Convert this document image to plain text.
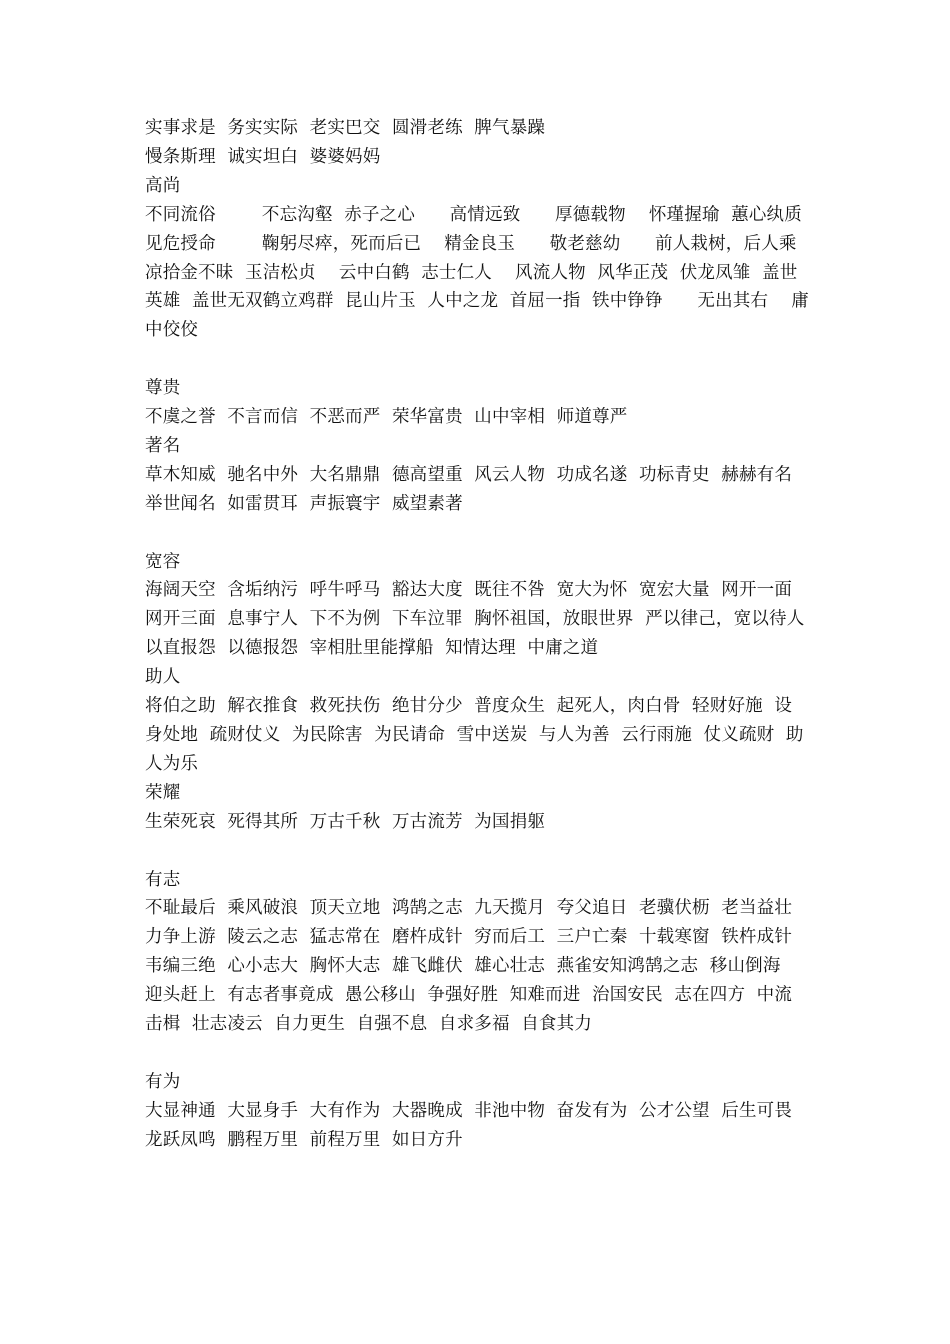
实事求是  务实实际  老实巴交  圆滑老练  脾气暴躁

慢条斯理  诚实坦白  婆婆妈妈

高尚

不同流俗        不忘沟壑  赤子之心      高情远致      厚德载物    怀瑾握瑜  蕙心纨质  见危授命        鞠躬尽瘁，死而后已    精金良玉      敬老慈幼      前人栽树，后人乘凉拾金不昧  玉洁松贞    云中白鹤  志士仁人    风流人物  风华正茂  伏龙凤雏  盖世英雄  盖世无双鹤立鸡群  昆山片玉  人中之龙  首屈一指  铁中铮铮      无出其右    庸中佼佼

尊贵

不虞之誉  不言而信  不恶而严  荣华富贵  山中宰相  师道尊严

著名

草木知威  驰名中外  大名鼎鼎  德高望重  风云人物  功成名遂  功标青史  赫赫有名  举世闻名  如雷贯耳  声振寰宇  威望素著

宽容

海阔天空  含垢纳污  呼牛呼马  豁达大度  既往不咎  宽大为怀  宽宏大量  网开一面  网开三面  息事宁人  下不为例  下车泣罪  胸怀祖国，放眼世界  严以律己，宽以待人  以直报怨  以德报怨  宰相肚里能撑船  知情达理  中庸之道

助人

将伯之助  解衣推食  救死扶伤  绝甘分少  普度众生  起死人，肉白骨  轻财好施  设身处地  疏财仗义  为民除害  为民请命  雪中送炭  与人为善  云行雨施  仗义疏财  助人为乐

荣耀

生荣死哀  死得其所  万古千秋  万古流芳  为国捐躯

有志

不耻最后  乘风破浪  顶天立地  鸿鹄之志  九天揽月  夸父追日  老骥伏枥  老当益壮  力争上游  陵云之志  猛志常在  磨杵成针  穷而后工  三户亡秦  十载寒窗  铁杵成针  韦编三绝  心小志大  胸怀大志  雄飞雌伏  雄心壮志  燕雀安知鸿鹄之志  移山倒海  迎头赶上  有志者事竟成  愚公移山  争强好胜  知难而进  治国安民  志在四方  中流击楫  壮志凌云  自力更生  自强不息  自求多福  自食其力

有为

大显神通  大显身手  大有作为  大器晚成  非池中物  奋发有为  公才公望  后生可畏  龙跃凤鸣  鹏程万里  前程万里  如日方升
